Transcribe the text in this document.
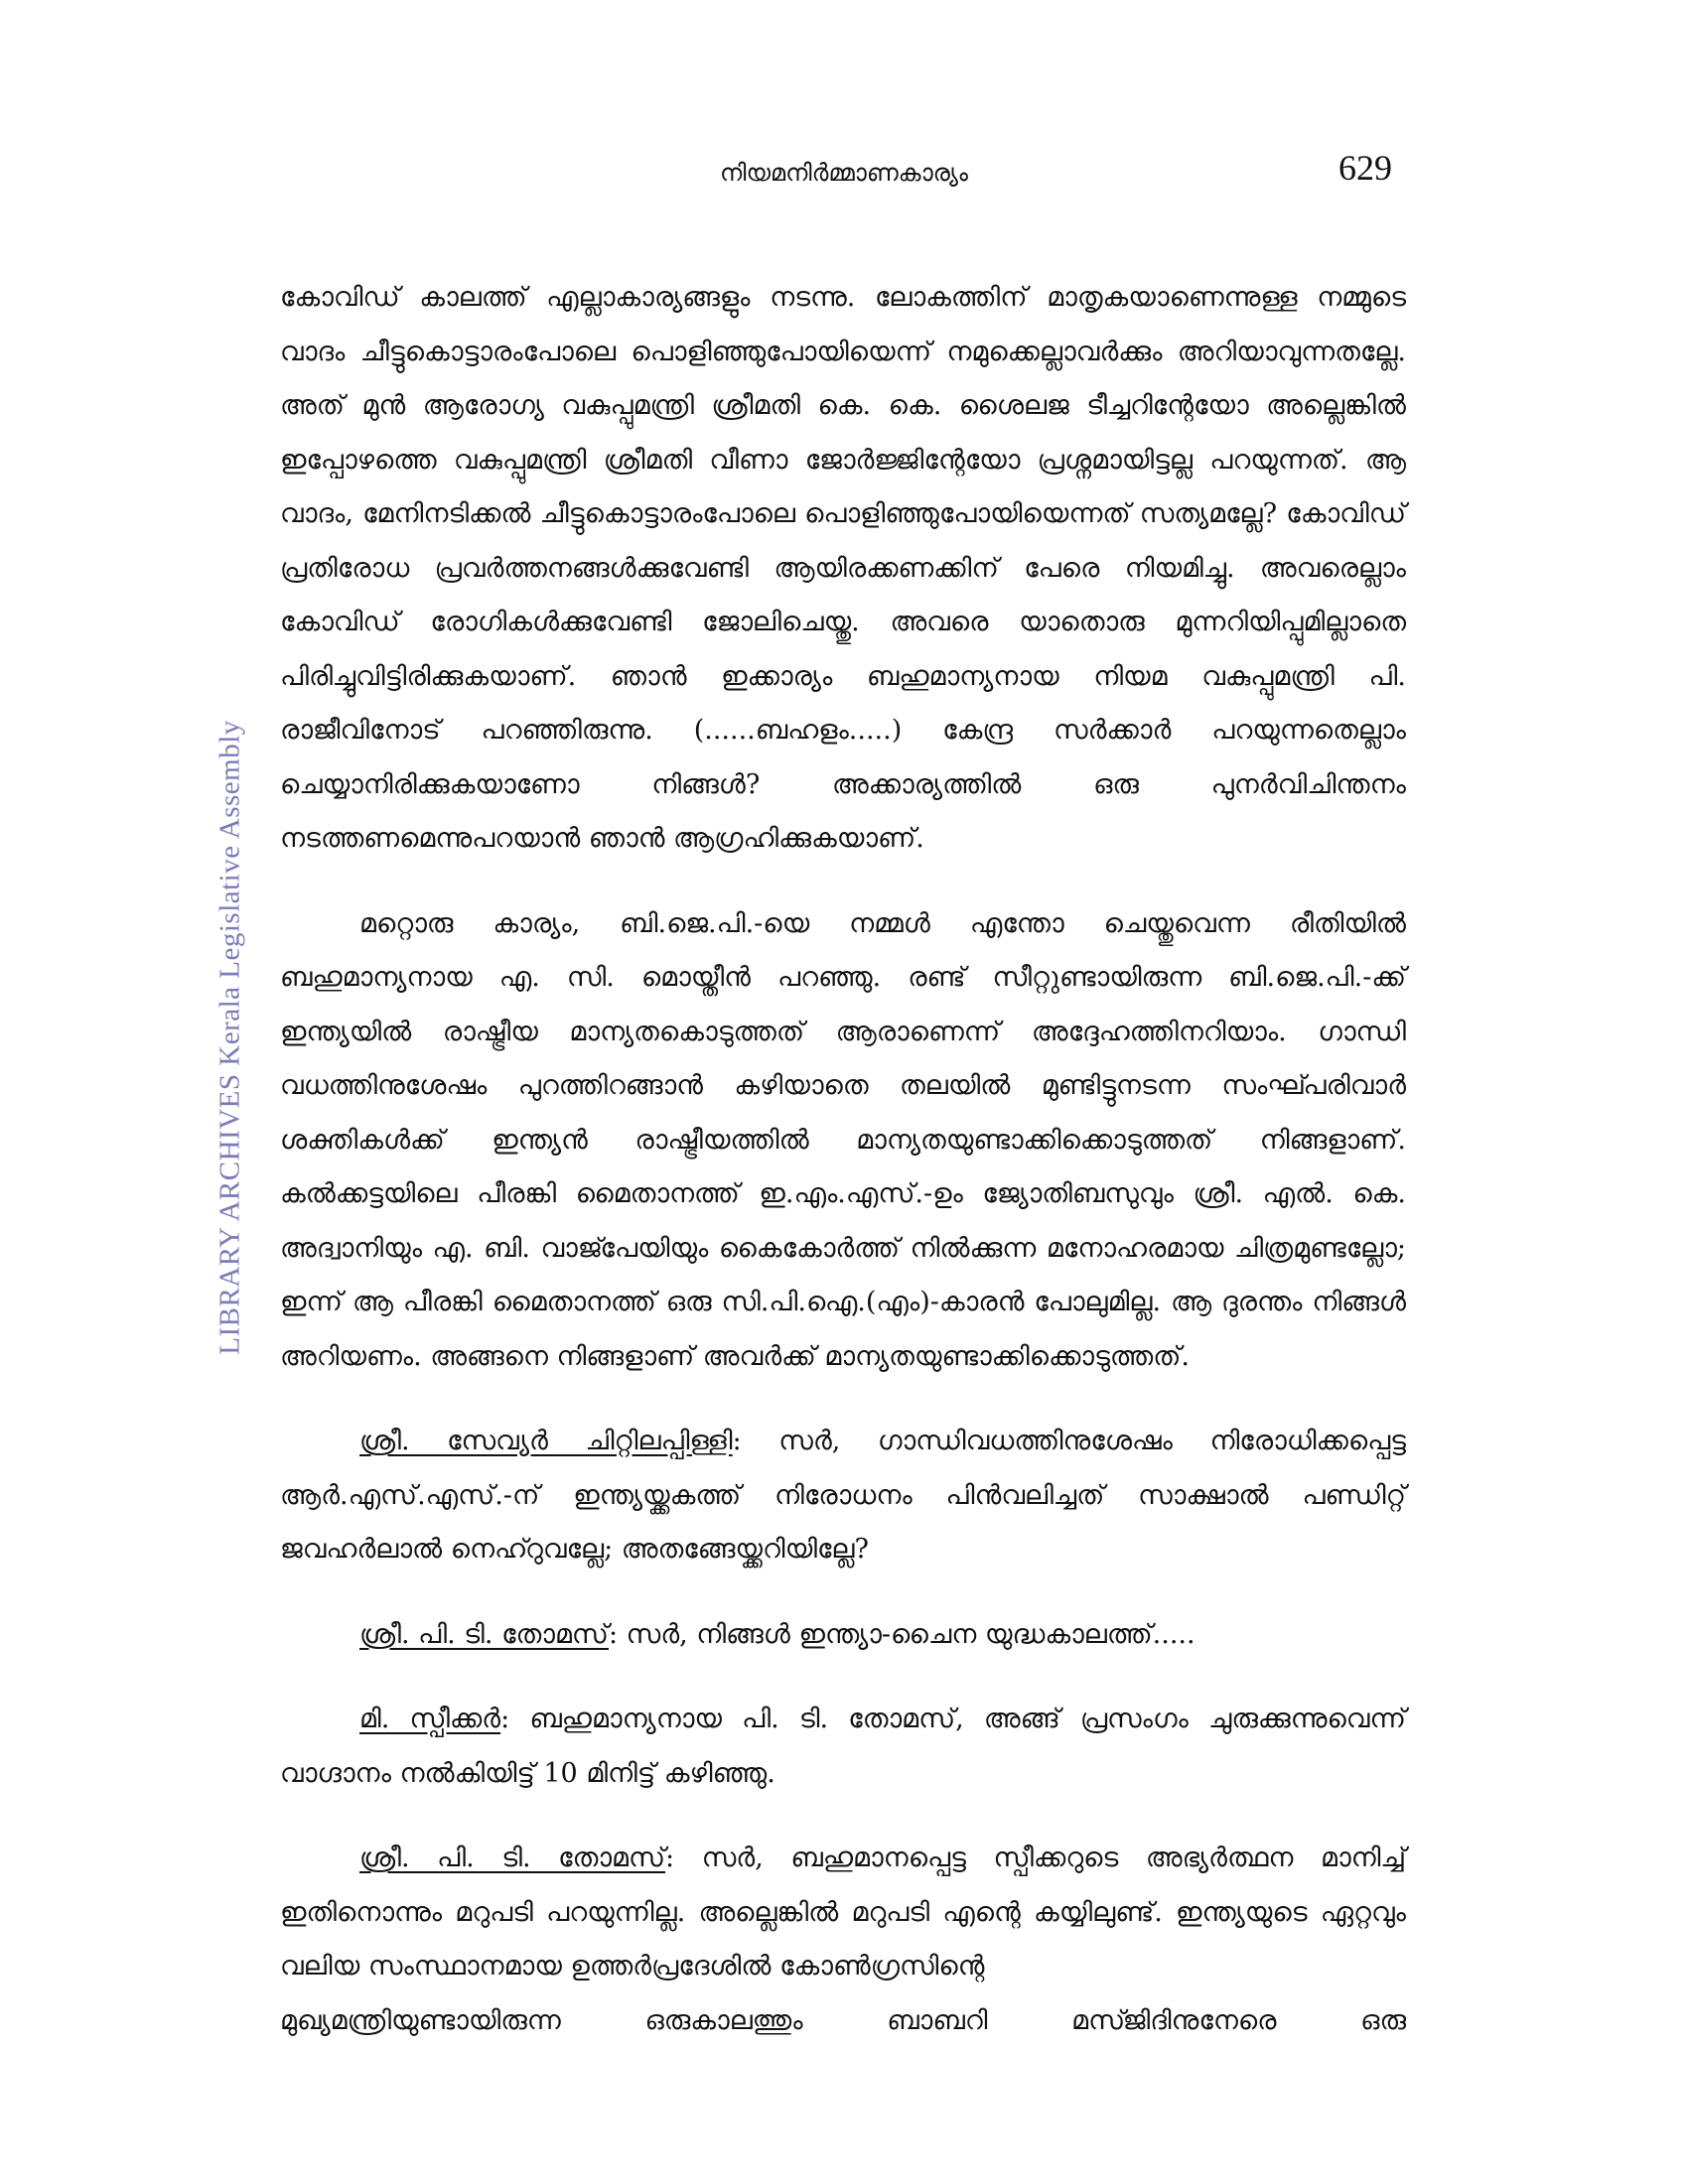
നിയമനിർമ്മാണകാര്യം	629
LIBRARY ARCHIVES Kerala Legislative Assembly

കോവിഡ് കാലത്ത് എല്ലാകാര്യങ്ങളും നടന്നു. ലോകത്തിന് മാതൃകയാണെന്നുള്ള നമ്മുടെ വാദം ചീട്ടുകൊട്ടാരംപോലെ പൊളിഞ്ഞുപോയിയെന്ന് നമുക്കെല്ലാവർക്കും അറിയാവുന്നതല്ലേ. അത് മുൻ ആരോഗ്യ വകുപ്പുമന്ത്രി ശ്രീമതി കെ. കെ. ശൈലജ ടീച്ചറിന്റേയോ അല്ലെങ്കിൽ ഇപ്പോഴത്തെ വകുപ്പുമന്ത്രി ശ്രീമതി വീണാ ജോർജ്ജിന്റേയോ പ്രശ്നമായിട്ടല്ല പറയുന്നത്. ആ വാദം, മേനിനടിക്കൽ ചീട്ടുകൊട്ടാരംപോലെ പൊളിഞ്ഞുപോയിയെന്നത് സത്യമല്ലേ? കോവിഡ് പ്രതിരോധ പ്രവർത്തനങ്ങൾക്കുവേണ്ടി ആയിരക്കണക്കിന് പേരെ നിയമിച്ചു. അവരെല്ലാം കോവിഡ് രോഗികൾക്കുവേണ്ടി ജോലിചെയ്തു. അവരെ യാതൊരു മുന്നറിയിപ്പുമില്ലാതെ പിരിച്ചുവിട്ടിരിക്കുകയാണ്. ഞാൻ ഇക്കാര്യം ബഹുമാന്യനായ നിയമ വകുപ്പുമന്ത്രി പി. രാജീവിനോട് പറഞ്ഞിരുന്നു. (......ബഹളം.....) കേന്ദ്ര സർക്കാർ പറയുന്നതെല്ലാം ചെയ്യാനിരിക്കുകയാണോ നിങ്ങൾ? അക്കാര്യത്തിൽ ഒരു പുനർവിചിന്തനം നടത്തണമെന്നുപറയാൻ ഞാൻ ആഗ്രഹിക്കുകയാണ്.

മറ്റൊരു കാര്യം, ബി.ജെ.പി.-യെ നമ്മൾ എന്തോ ചെയ്തുവെന്ന രീതിയിൽ ബഹുമാന്യനായ എ. സി. മൊയ്തീൻ പറഞ്ഞു. രണ്ട് സീറ്റുണ്ടായിരുന്ന ബി.ജെ.പി.-ക്ക് ഇന്ത്യയിൽ രാഷ്ട്രീയ മാന്യതകൊടുത്തത് ആരാണെന്ന് അദ്ദേഹത്തിനറിയാം. ഗാന്ധി വധത്തിനുശേഷം പുറത്തിറങ്ങാൻ കഴിയാതെ തലയിൽ മുണ്ടിട്ടുനടന്ന സംഘ്പരിവാർ ശക്തികൾക്ക് ഇന്ത്യൻ രാഷ്ട്രീയത്തിൽ മാന്യതയുണ്ടാക്കിക്കൊടുത്തത് നിങ്ങളാണ്. കൽക്കട്ടയിലെ പീരങ്കി മൈതാനത്ത് ഇ.എം.എസ്.-ഉം ജ്യോതിബസുവും ശ്രീ. എൽ. കെ. അദ്വാനിയും എ. ബി. വാജ്പേയിയും കൈകോർത്ത് നിൽക്കുന്ന മനോഹരമായ ചിത്രമുണ്ടല്ലോ; ഇന്ന് ആ പീരങ്കി മൈതാനത്ത് ഒരു സി.പി.ഐ.(എം)-കാരൻ പോലുമില്ല. ആ ദുരന്തം നിങ്ങൾ അറിയണം. അങ്ങനെ നിങ്ങളാണ് അവർക്ക് മാന്യതയുണ്ടാക്കിക്കൊടുത്തത്.

ശ്രീ. സേവ്യർ ചിറ്റിലപ്പിള്ളി: സർ, ഗാന്ധിവധത്തിനുശേഷം നിരോധിക്കപ്പെട്ട ആർ.എസ്.എസ്.-ന് ഇന്ത്യയ്ക്കകത്ത് നിരോധനം പിൻവലിച്ചത് സാക്ഷാൽ പണ്ഡിറ്റ് ജവഹർലാൽ നെഹ്റുവല്ലേ; അതങ്ങേയ്ക്കറിയില്ലേ?

ശ്രീ. പി. ടി. തോമസ്: സർ, നിങ്ങൾ ഇന്ത്യാ-ചൈന യുദ്ധകാലത്ത്.....

മി. സ്പീക്കർ: ബഹുമാന്യനായ പി. ടി. തോമസ്, അങ്ങ് പ്രസംഗം ചുരുക്കുന്നുവെന്ന് വാഗ്ദാനം നൽകിയിട്ട് 10 മിനിട്ട് കഴിഞ്ഞു.

ശ്രീ. പി. ടി. തോമസ്: സർ, ബഹുമാനപ്പെട്ട സ്പീക്കറുടെ അഭ്യർത്ഥന മാനിച്ച് ഇതിനൊന്നും മറുപടി പറയുന്നില്ല. അല്ലെങ്കിൽ മറുപടി എന്റെ കയ്യിലുണ്ട്. ഇന്ത്യയുടെ ഏറ്റവും വലിയ സംസ്ഥാനമായ ഉത്തർപ്രദേശിൽ കോൺഗ്രസിന്റെ

മുഖ്യമന്ത്രിയുണ്ടായിരുന്ന	ഒരുകാലത്തും	ബാബറി	മസ്ജിദിനുനേരെ	ഒരു
